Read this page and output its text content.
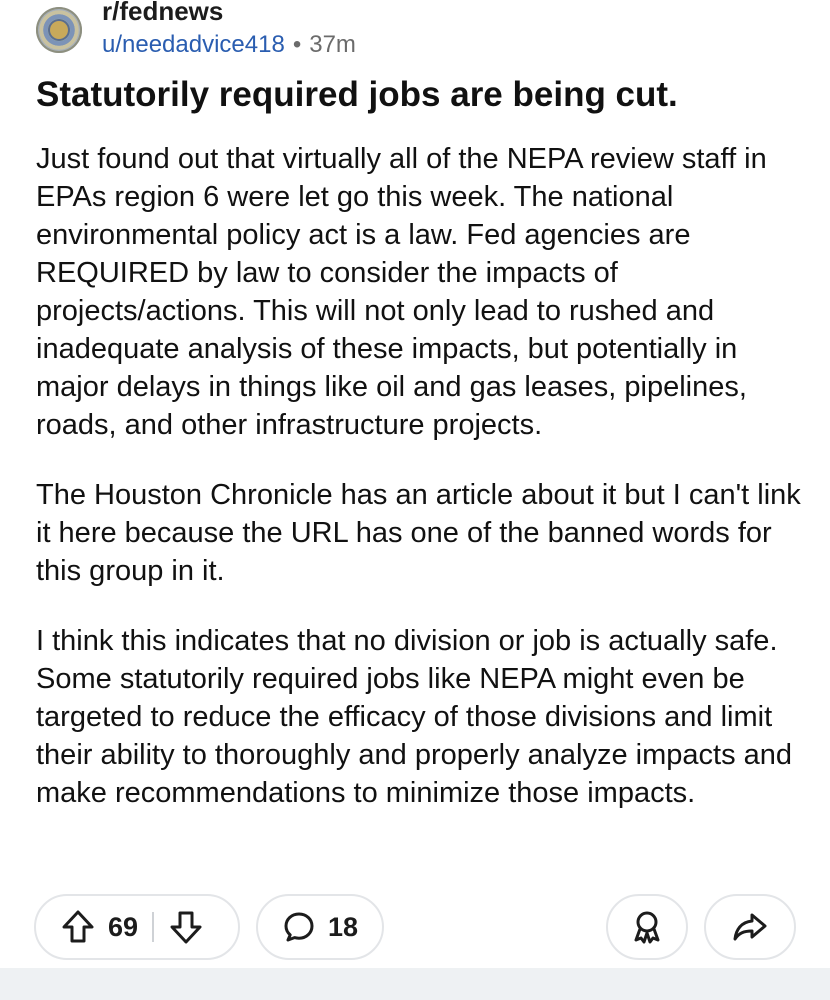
r/fednews
u/needadvice418 • 37m
Statutorily required jobs are being cut.

Just found out that virtually all of the NEPA review staff in EPAs region 6 were let go this week. The national environmental policy act is a law. Fed agencies are REQUIRED by law to consider the impacts of projects/actions. This will not only lead to rushed and inadequate analysis of these impacts, but potentially in major delays in things like oil and gas leases, pipelines, roads, and other infrastructure projects.

The Houston Chronicle has an article about it but I can't link it here because the URL has one of the banned words for this group in it.

I think this indicates that no division or job is actually safe. Some statutorily required jobs like NEPA might even be targeted to reduce the efficacy of those divisions and limit their ability to thoroughly and properly analyze impacts and make recommendations to minimize those impacts.

69	18
